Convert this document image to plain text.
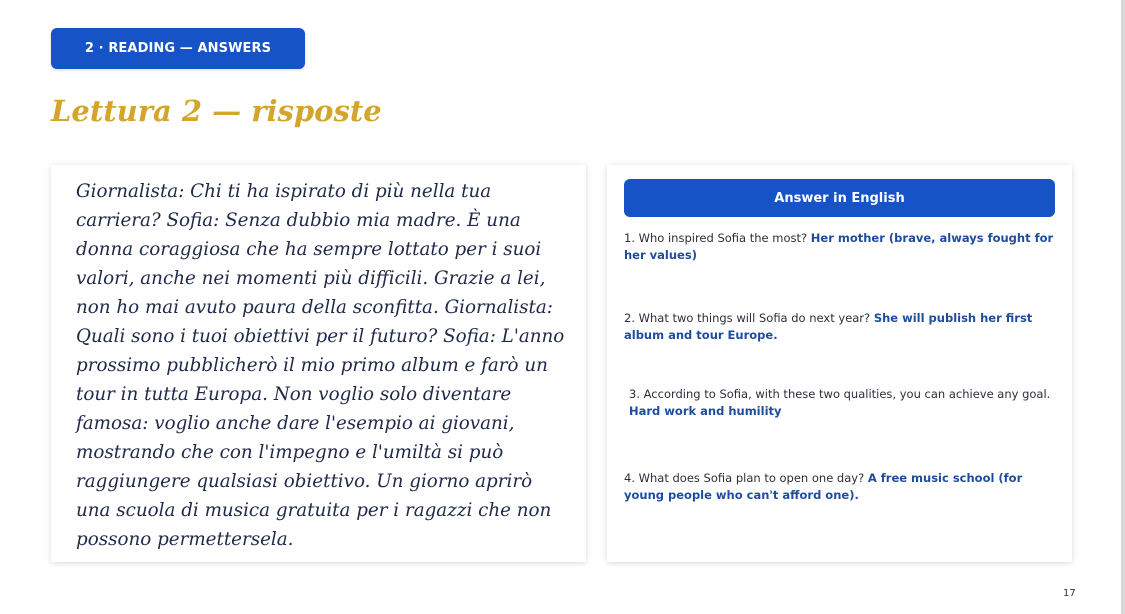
2 · READING — ANSWERS
Lettura 2 — risposte

Giornalista: Chi ti ha ispirato di più nella tua carriera? Sofia: Senza dubbio mia madre. È una donna coraggiosa che ha sempre lottato per i suoi valori, anche nei momenti più difficili. Grazie a lei, non ho mai avuto paura della sconfitta. Giornalista: Quali sono i tuoi obiettivi per il futuro? Sofia: L'anno prossimo pubblicherò il mio primo album e farò un tour in tutta Europa. Non voglio solo diventare famosa: voglio anche dare l'esempio ai giovani, mostrando che con l'impegno e l'umiltà si può raggiungere qualsiasi obiettivo. Un giorno aprirò una scuola di musica gratuita per i ragazzi che non possono permettersela.

Answer in English

1. Who inspired Sofia the most? Her mother (brave, always fought for her values)

2. What two things will Sofia do next year? She will publish her first album and tour Europe.

3. According to Sofia, with these two qualities, you can achieve any goal.
Hard work and humility

4. What does Sofia plan to open one day? A free music school (for young people who can't afford one).

17
